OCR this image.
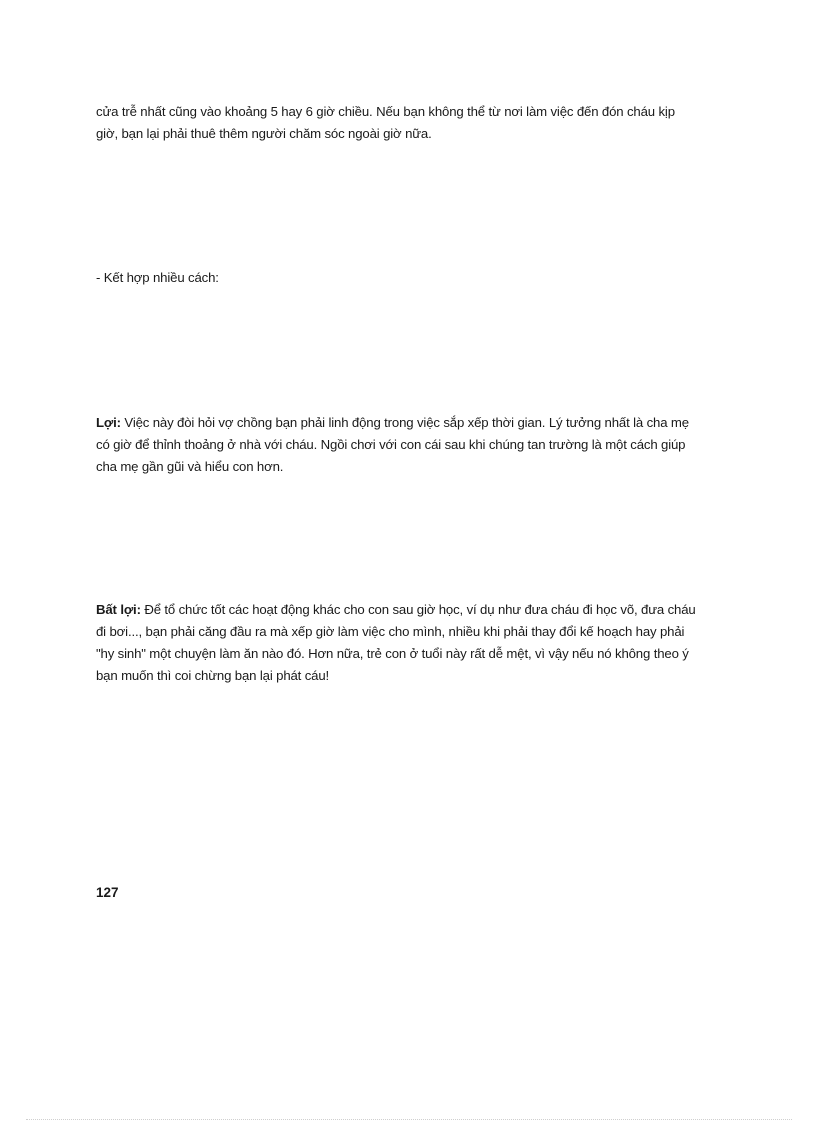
cửa trễ nhất cũng vào khoảng 5 hay 6 giờ chiều. Nếu bạn không thể từ nơi làm việc đến đón cháu kịp
giờ, bạn lại phải thuê thêm người chăm sóc ngoài giờ nữa.
- Kết hợp nhiều cách:
Lợi: Việc này đòi hỏi vợ chồng bạn phải linh động trong việc sắp xếp thời gian. Lý tưởng nhất là cha mẹ
có giờ để thỉnh thoảng ở nhà với cháu. Ngồi chơi với con cái sau khi chúng tan trường là một cách giúp
cha mẹ gần gũi và hiểu con hơn.
Bất lợi: Để tổ chức tốt các hoạt động khác cho con sau giờ học, ví dụ như đưa cháu đi học võ, đưa cháu
đi bơi..., bạn phải căng đầu ra mà xếp giờ làm việc cho mình, nhiều khi phải thay đổi kế hoạch hay phải
"hy sinh" một chuyện làm ăn nào đó. Hơn nữa, trẻ con ở tuổi này rất dễ mệt, vì vậy nếu nó không theo ý
bạn muốn thì coi chừng bạn lại phát cáu!
127
